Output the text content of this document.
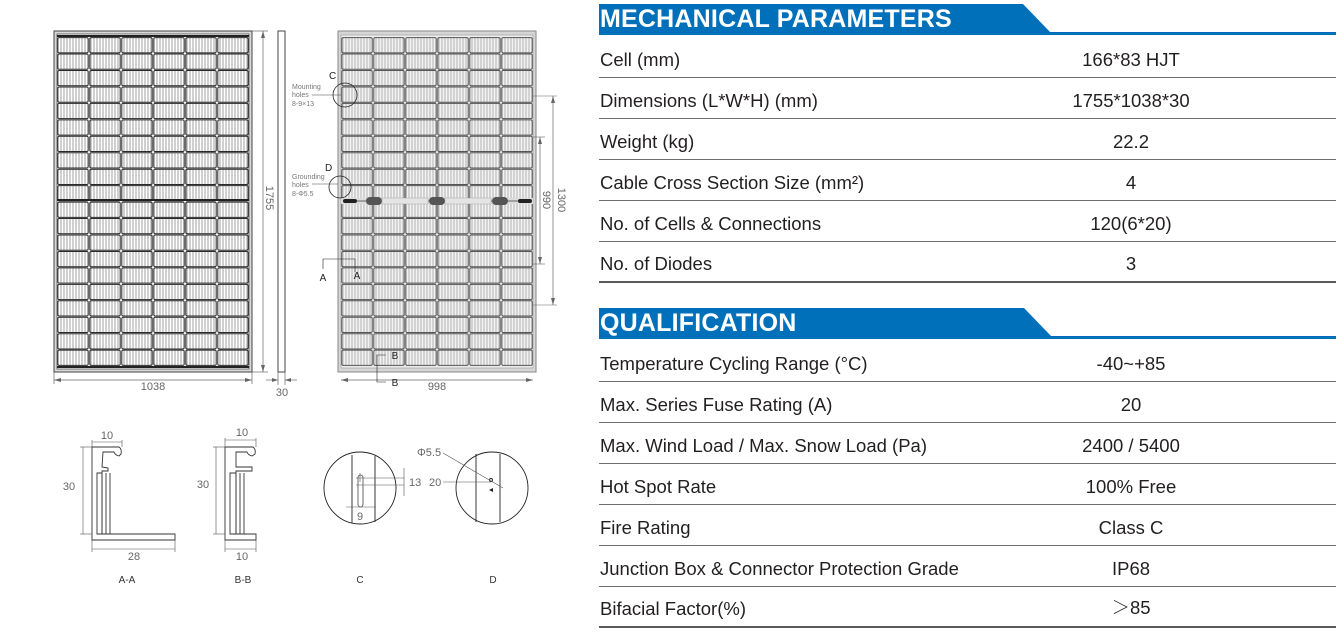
1038
1755
30	998
990 1300
C
Mounting
holes
8-9×13
D
Grounding
holes
8-Φ5.5
A	A
B
B
10
30
28
A-A
10
30
10
B-B
13
9
C
Φ5.5
20
D
MECHANICAL PARAMETERS
Cell (mm)	166*83 HJT
Dimensions (L*W*H) (mm)	1755*1038*30
Weight (kg)	22.2
Cable Cross Section Size (mm²)	4
No. of Cells & Connections	120(6*20)
No. of Diodes	3
QUALIFICATION
Temperature Cycling Range (°C)	-40~+85
Max. Series Fuse Rating (A)	20
Max. Wind Load / Max. Snow Load (Pa)	2400 / 5400
Hot Spot Rate	100% Free
Fire Rating	Class C
Junction Box & Connector Protection Grade	IP68
Bifacial Factor(%)	＞85
